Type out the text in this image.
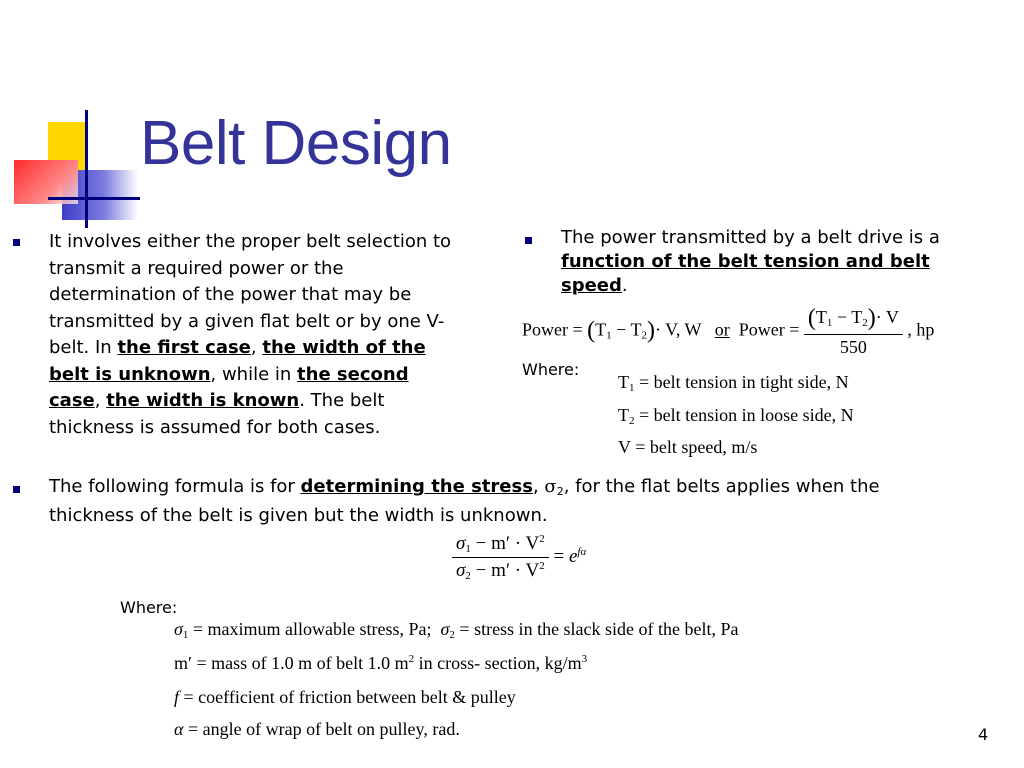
Belt Design
It involves either the proper belt selection to
transmit a required power or the
determination of the power that may be
transmitted by a given flat belt or by one V-
belt. In the first case, the width of the
belt is unknown, while in the second
case, the width is known. The belt
thickness is assumed for both cases.
The power transmitted by a belt drive is a
function of the belt tension and belt
speed.
Power = $(T_1 - T_2)\cdot V$, W or Power = $\frac{(T_1 - T_2)\cdot V}{550}$ , hp
Where:
$T_1$ = belt tension in tight side, N
$T_2$ = belt tension in loose side, N
V = belt speed, m/s
The following formula is for determining the stress, $\sigma_2$, for the flat belts applies when the
thickness of the belt is given but the width is unknown.
$\frac{\sigma_1 - m' \cdot V^2}{\sigma_2 - m' \cdot V^2} = e^{f\alpha}$
Where:
$\sigma_1$ = maximum allowable stress, Pa; $\sigma_2$ = stress in the slack side of the belt, Pa
m′ = mass of 1.0 m of belt 1.0 $m^2$ in cross- section, $kg/m^3$
f = coefficient of friction between belt & pulley
α = angle of wrap of belt on pulley, rad.	4
